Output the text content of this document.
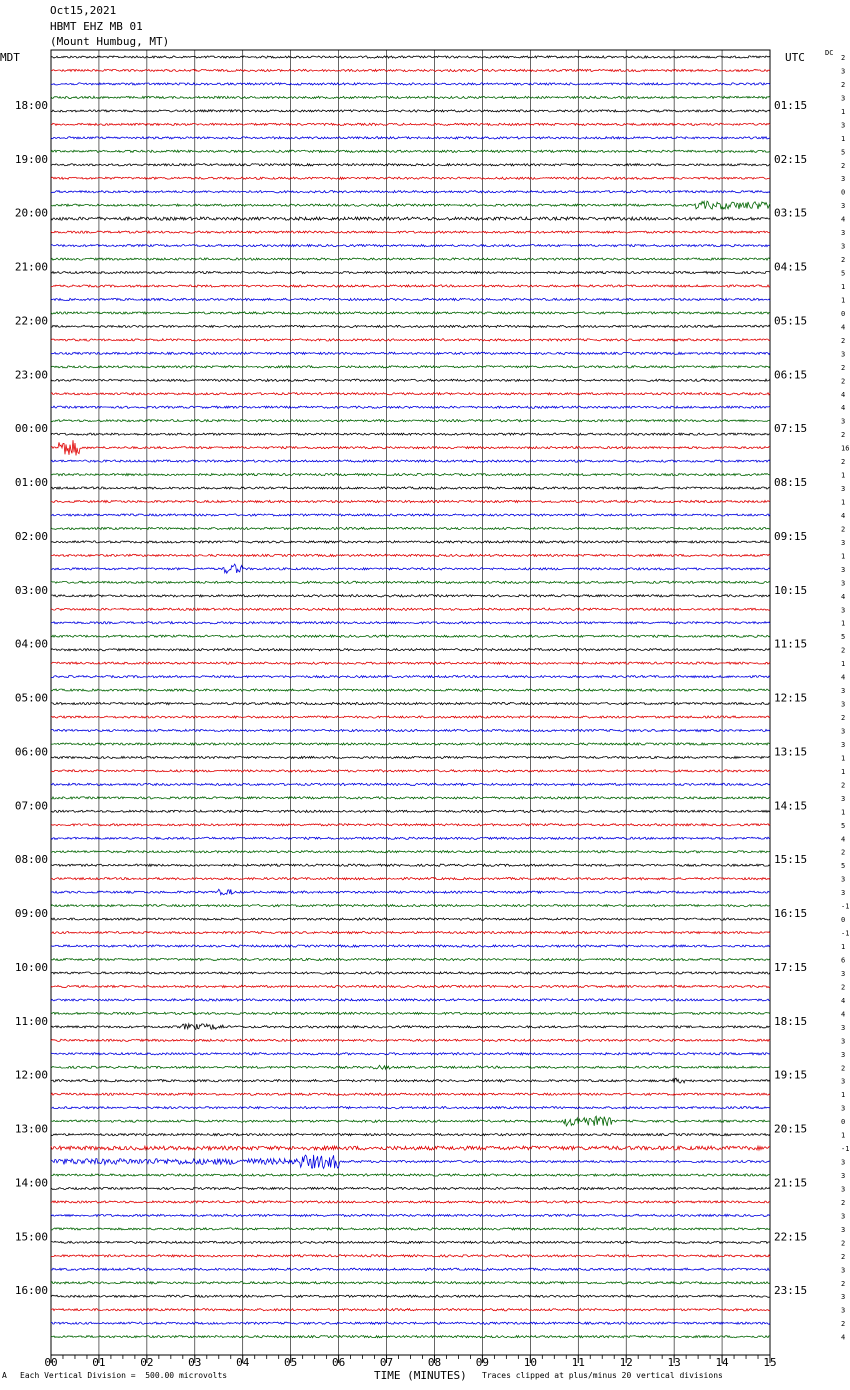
2
3
2
3
1
3
1
5
2
3
0
3
4
3
3
2
5
1
1
0
4
2
3
2
2
4
4
3
2
16
2
1
3
1
4
2
3
1
3
3
4
3
1
5
2
1
4
3
3
2
3
3
1
1
2
3
1
5
4
2
5
3
3
-1
0
-1
1
6
3
2
4
4
3
3
3
2
3
1
3
0
1
-1
3
3
3
2
3
3
2
2
3
2
3
3
2
4
18:00
19:00
20:00
21:00
22:00
23:00
00:00
01:00
02:00
03:00
04:00
05:00
06:00
07:00
08:00
09:00
10:00
11:00
12:00
13:00
14:00
15:00
16:00
01:15
02:15
03:15
04:15
05:15
06:15
07:15
08:15
09:15
10:15
11:15
12:15
13:15
14:15
15:15
16:15
17:15
18:15
19:15
20:15
21:15
22:15
23:15
00	01	02	03	04	05	06	07	08	09	10	11	12	13	14	15
Oct15,2021
HBMT EHZ MB 01
(Mount Humbug, MT)
MDT	UTC	DC
A Each Vertical Division =  500.00 microvolts	TIME (MINUTES) Traces clipped at plus/minus 20 vertical divisions
